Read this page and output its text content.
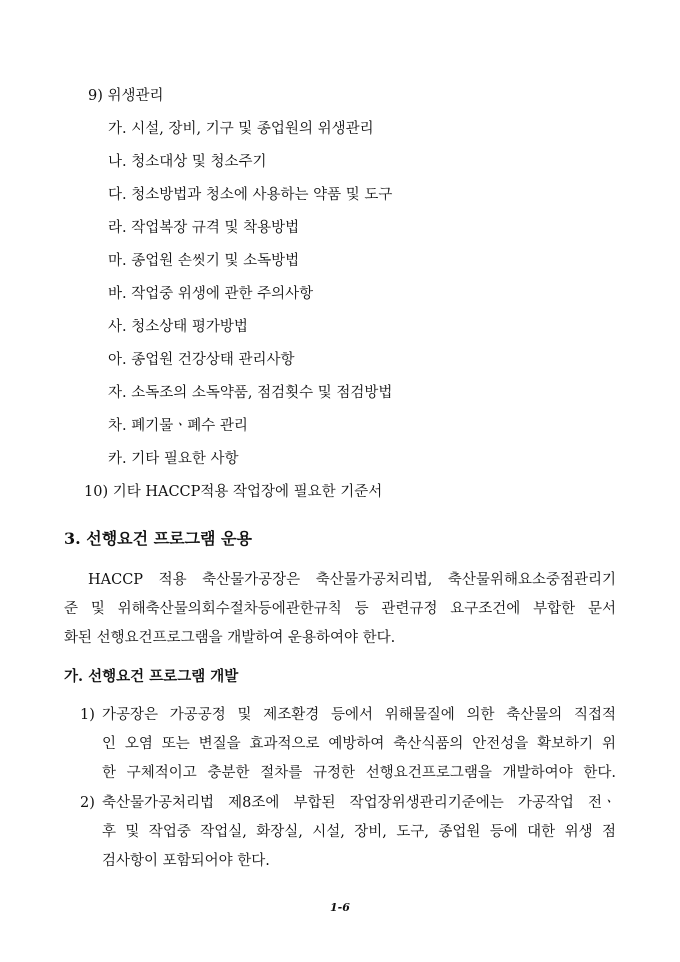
9) 위생관리
가. 시설, 장비, 기구 및 종업원의 위생관리
나. 청소대상 및 청소주기
다. 청소방법과 청소에 사용하는 약품 및 도구
라. 작업복장 규격 및 착용방법
마. 종업원 손씻기 및 소독방법
바. 작업중 위생에 관한 주의사항
사. 청소상태 평가방법
아. 종업원 건강상태 관리사항
자. 소독조의 소독약품, 점검횟수 및 점검방법
차. 폐기물ㆍ폐수 관리
카. 기타 필요한 사항
10) 기타 HACCP적용 작업장에 필요한 기준서
3. 선행요건 프로그램 운용
HACCP 적용 축산물가공장은 축산물가공처리법, 축산물위해요소중점관리기
준 및 위해축산물의회수절차등에관한규칙 등 관련규정 요구조건에 부합한 문서
화된 선행요건프로그램을 개발하여 운용하여야 한다.
가. 선행요건 프로그램 개발
1) 가공장은 가공공정 및 제조환경 등에서 위해물질에 의한 축산물의 직접적
인 오염 또는 변질을 효과적으로 예방하여 축산식품의 안전성을 확보하기 위
한 구체적이고 충분한 절차를 규정한 선행요건프로그램을 개발하여야 한다.
2) 축산물가공처리법 제8조에 부합된 작업장위생관리기준에는 가공작업 전ㆍ
후 및 작업중 작업실, 화장실, 시설, 장비, 도구, 종업원 등에 대한 위생 점
검사항이 포함되어야 한다.
1-6
